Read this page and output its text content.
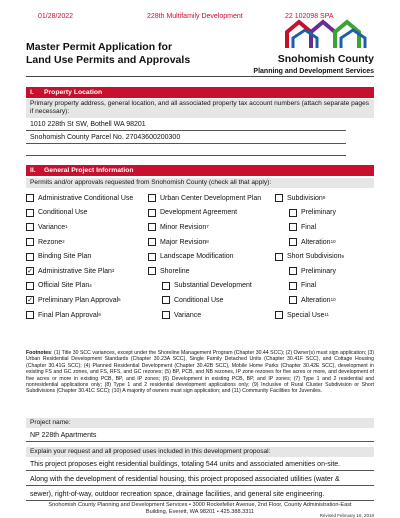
01/28/2022	228th Multifamily Development	22 102098 SPA
Master Permit Application for
Land Use Permits and Approvals	Snohomish County
Planning and Development Services
I. Property Location
Primary property address, general location, and all associated property tax account numbers (attach separate pages if necessary):
1010 228th St SW, Bothell WA 98201
Snohomish County Parcel No. 27043600200300
II. General Project Information
Permits and/or approvals requested from Snohomish County (check all that apply):
Administrative Conditional Use	Urban Center Development Plan	Subdivision 9
Conditional Use	Development Agreement	Preliminary
Variance 1	Minor Revision 7	Final
Rezone 2	Major Revision 8	Alteration 10
Binding Site Plan	Landscape Modification	Short Subdivision 9
✓ Administrative Site Plan 3	Shoreline	Preliminary
Official Site Plan 4	Substantial Development	Final
✓ Preliminary Plan Approval 5	Conditional Use	Alteration 10
Final Plan Approval 6	Variance	Special Use 11
Footnotes: (1) Title 30 SCC variances, except under the Shoreline Management Program (Chapter 30.44 SCC); (2) Owner(s) must sign application; (3) Urban Residential Development Standards (Chapter 30.23A SCC), Single Family Detached Units (Chapter 30.41F SCC), and Cottage Housing (Chapter 30.41G SCC); (4) Planned Residential Development (Chapter 30.42B SCC), Mobile Home Parks (Chapter 30.42E SCC), development in existing FS and GC zones, and FS, RFS, and GC rezones; (5) BP, PCB, and NB rezones, IP zone rezones for five acres or more, and development of five acres or more in existing PCB, BP, and IP zones; (6) Development in existing PCB, BP, and IP zones; (7) Type 1 and 2 residential and nonresidential applications only; (8) Type 1 and 2 residential development applications only; (9) Inclusive of Rural Cluster Subdivision or Short Subdivisions (Chapter 30.41C SCC); (10) A majority of owners must sign application; and (11) Community Facilities for Juveniles.
Project name:
NP 228th Apartments
Explain your request and all proposed uses included in this development proposal:
This project proposes eight residential buildings, totaling 544 units and associated amenities on-site.
Along with the development of residential housing, this project proposed associated utilities (water &
sewer), right-of-way, outdoor recreation space, drainage facilities, and general site engineering.
Snohomish County Planning and Development Services • 3000 Rockefeller Avenue, 2nd Floor, County Administration-East
Building, Everett, WA 98201 • 425.388.3311
Revised February 16, 2018
